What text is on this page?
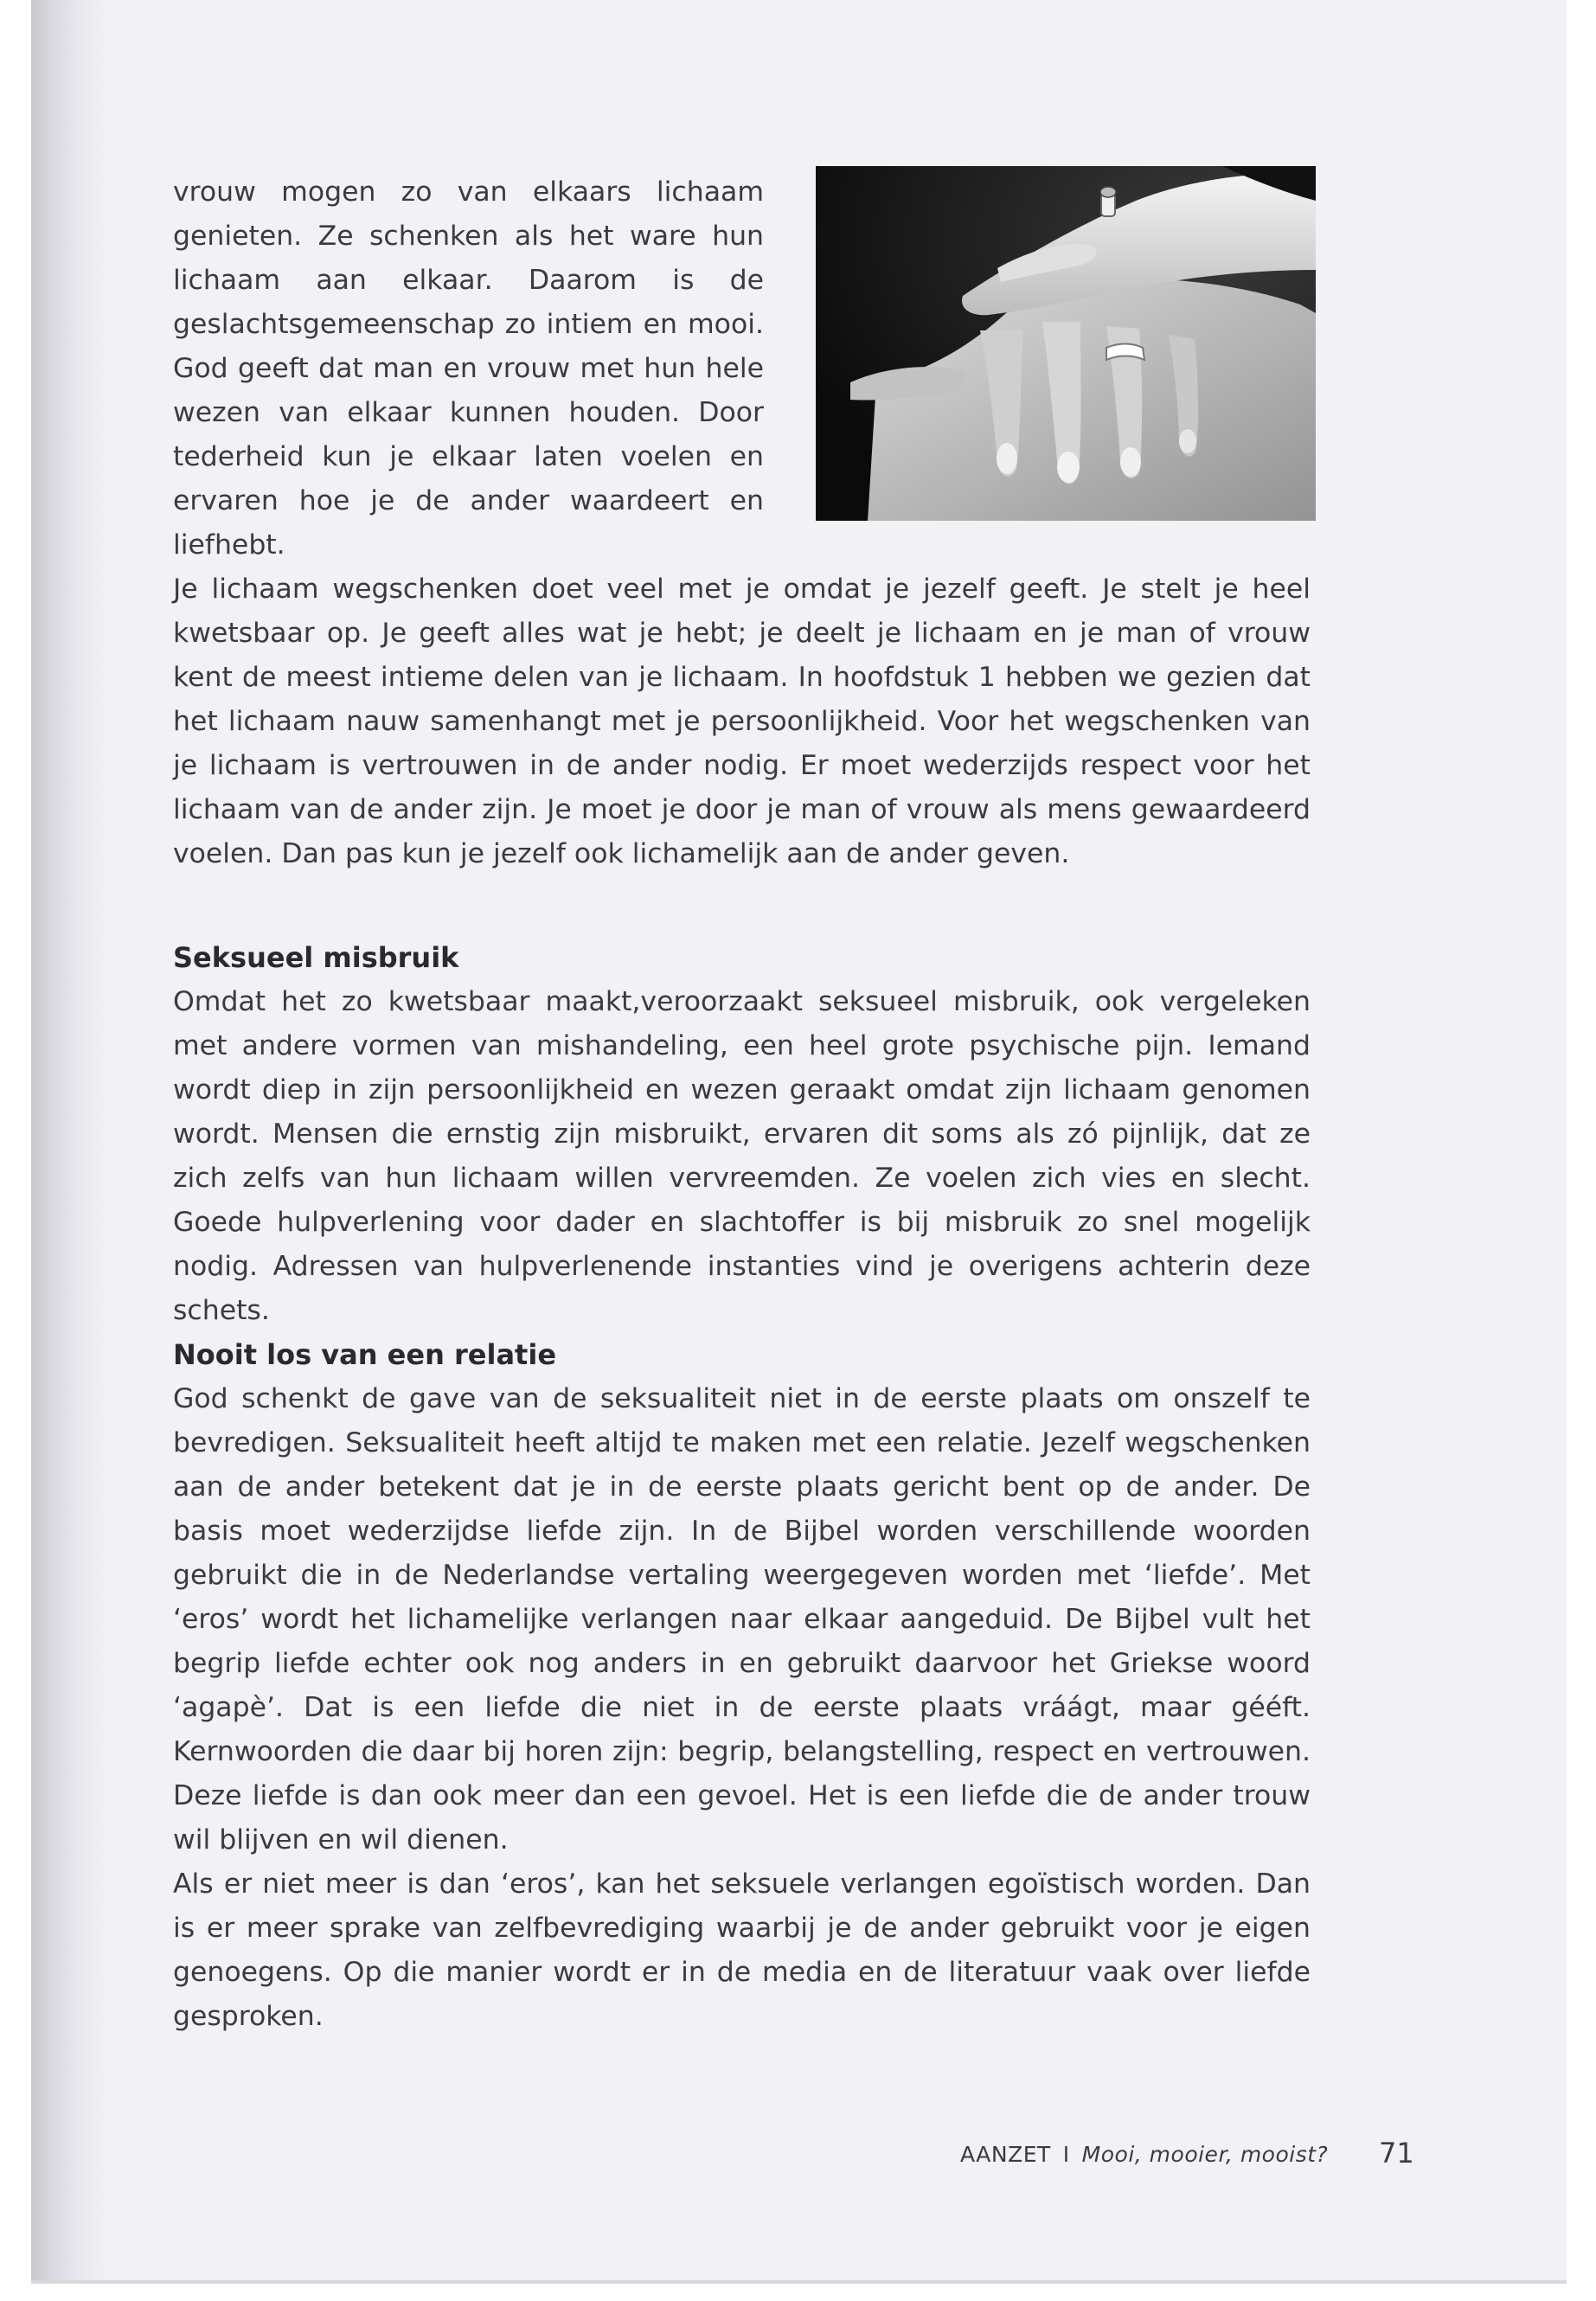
vrouw mogen zo van elkaars lichaam genieten. Ze schenken als het ware hun lichaam aan elkaar. Daarom is de geslachtsgemeenschap zo intiem en mooi. God geeft dat man en vrouw met hun hele wezen van elkaar kunnen houden. Door tederheid kun je elkaar laten voelen en ervaren hoe je de ander waardeert en liefhebt.

Je lichaam wegschenken doet veel met je omdat je jezelf geeft. Je stelt je heel kwetsbaar op. Je geeft alles wat je hebt; je deelt je lichaam en je man of vrouw kent de meest intieme delen van je lichaam. In hoofdstuk 1 hebben we gezien dat het lichaam nauw samenhangt met je persoonlijkheid. Voor het wegschenken van je lichaam is vertrouwen in de ander nodig. Er moet wederzijds respect voor het lichaam van de ander zijn. Je moet je door je man of vrouw als mens gewaardeerd voelen. Dan pas kun je jezelf ook lichamelijk aan de ander geven.

Seksueel misbruik

Omdat het zo kwetsbaar maakt,veroorzaakt seksueel misbruik, ook vergeleken met andere vormen van mishandeling, een heel grote psychische pijn. Iemand wordt diep in zijn persoonlijkheid en wezen geraakt omdat zijn lichaam genomen wordt. Mensen die ernstig zijn misbruikt, ervaren dit soms als zó pijnlijk, dat ze zich zelfs van hun lichaam willen vervreemden. Ze voelen zich vies en slecht. Goede hulpverlening voor dader en slachtoffer is bij misbruik zo snel mogelijk nodig. Adressen van hulpverlenende instanties vind je overigens achterin deze schets.

Nooit los van een relatie

God schenkt de gave van de seksualiteit niet in de eerste plaats om onszelf te bevredigen. Seksualiteit heeft altijd te maken met een relatie. Jezelf wegschenken aan de ander betekent dat je in de eerste plaats gericht bent op de ander. De basis moet wederzijdse liefde zijn. In de Bijbel worden verschillende woorden gebruikt die in de Nederlandse vertaling weergegeven worden met ‘liefde’. Met ‘eros’ wordt het lichamelijke verlangen naar elkaar aangeduid. De Bijbel vult het begrip liefde echter ook nog anders in en gebruikt daarvoor het Griekse woord ‘agapè’. Dat is een liefde die niet in de eerste plaats vráágt, maar gééft. Kernwoorden die daar bij horen zijn: begrip, belangstelling, respect en vertrouwen. Deze liefde is dan ook meer dan een gevoel. Het is een liefde die de ander trouw wil blijven en wil dienen.

Als er niet meer is dan ‘eros’, kan het seksuele verlangen egoïstisch worden. Dan is er meer sprake van zelfbevrediging waarbij je de ander gebruikt voor je eigen genoegens. Op die manier wordt er in de media en de literatuur vaak over liefde gesproken.

AANZET I Mooi, mooier, mooist? 71
